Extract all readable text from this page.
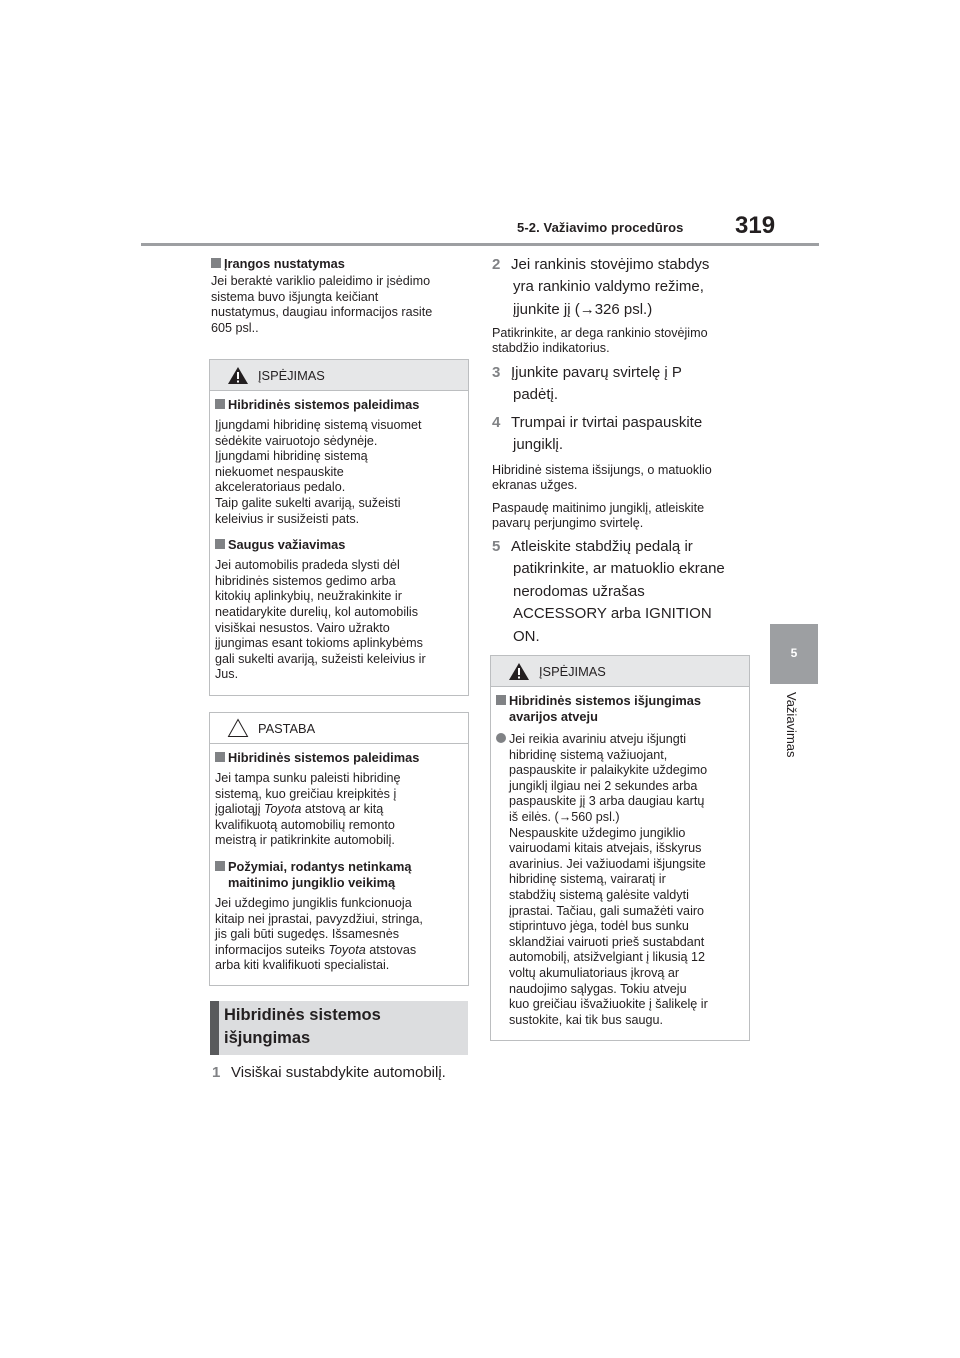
5-2. Važiavimo procedūros 319
5
Važiavimas
Įrangos nustatymas
Jei beraktė variklio paleidimo ir įsėdimo
sistema buvo išjungta keičiant
nustatymus, daugiau informacijos rasite
605 psl..
ĮSPĖJIMAS
Hibridinės sistemos paleidimas
Įjungdami hibridinę sistemą visuomet
sėdėkite vairuotojo sėdynėje.
Įjungdami hibridinę sistemą
niekuomet nespauskite
akceleratoriaus pedalo.
Taip galite sukelti avariją, sužeisti
keleivius ir susižeisti pats.
Saugus važiavimas
Jei automobilis pradeda slysti dėl
hibridinės sistemos gedimo arba
kitokių aplinkybių, neužrakinkite ir
neatidarykite durelių, kol automobilis
visiškai nesustos. Vairo užrakto
įjungimas esant tokioms aplinkybėms
gali sukelti avariją, sužeisti keleivius ir
Jus.
PASTABA
Hibridinės sistemos paleidimas
Jei tampa sunku paleisti hibridinę
sistemą, kuo greičiau kreipkitės į
įgaliotąjį Toyota atstovą ar kitą
kvalifikuotą automobilių remonto
meistrą ir patikrinkite automobilį.
Požymiai, rodantys netinkamą
maitinimo jungiklio veikimą
Jei uždegimo jungiklis funkcionuoja
kitaip nei įprastai, pavyzdžiui, stringa,
jis gali būti sugedęs. Išsamesnės
informacijos suteiks Toyota atstovas
arba kiti kvalifikuoti specialistai.
Hibridinės sistemos
išjungimas
1 Visiškai sustabdykite automobilį.
2 Jei rankinis stovėjimo stabdys
yra rankinio valdymo režime,
įjunkite jį (→326 psl.)
Patikrinkite, ar dega rankinio stovėjimo
stabdžio indikatorius.
3 Įjunkite pavarų svirtelę į P
padėtį.
4 Trumpai ir tvirtai paspauskite
jungiklį.
Hibridinė sistema išsijungs, o matuoklio
ekranas užges.
Paspaudę maitinimo jungiklį, atleiskite
pavarų perjungimo svirtelę.
5 Atleiskite stabdžių pedalą ir
patikrinkite, ar matuoklio ekrane
nerodomas užrašas
ACCESSORY arba IGNITION
ON.
ĮSPĖJIMAS
Hibridinės sistemos išjungimas
avarijos atveju
Jei reikia avariniu atveju išjungti
hibridinę sistemą važiuojant,
paspauskite ir palaikykite uždegimo
jungiklį ilgiau nei 2 sekundes arba
paspauskite jį 3 arba daugiau kartų
iš eilės. (→560 psl.)
Nespauskite uždegimo jungiklio
vairuodami kitais atvejais, išskyrus
avarinius. Jei važiuodami išjungsite
hibridinę sistemą, vairaratį ir
stabdžių sistemą galėsite valdyti
įprastai. Tačiau, gali sumažėti vairo
stiprintuvo jėga, todėl bus sunku
sklandžiai vairuoti prieš sustabdant
automobilį, atsižvelgiant į likusią 12
voltų akumuliatoriaus įkrovą ar
naudojimo sąlygas. Tokiu atveju
kuo greičiau išvažiuokite į šalikelę ir
sustokite, kai tik bus saugu.
